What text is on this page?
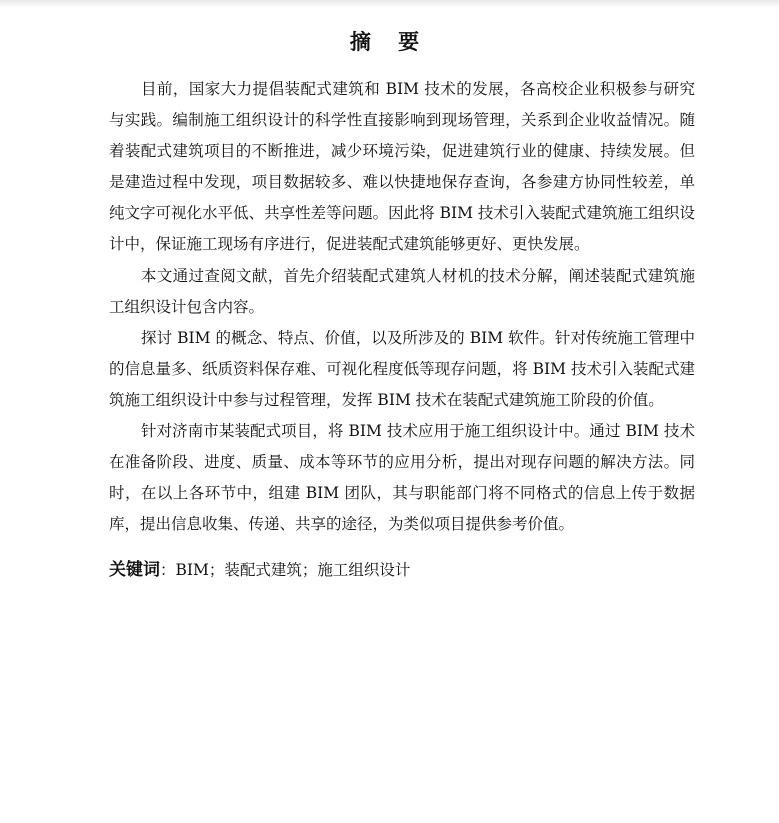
摘 要

目前，国家大力提倡装配式建筑和 BIM 技术的发展，各高校企业积极参与研究与实践。编制施工组织设计的科学性直接影响到现场管理，关系到企业收益情况。随着装配式建筑项目的不断推进，减少环境污染，促进建筑行业的健康、持续发展。但是建造过程中发现，项目数据较多、难以快捷地保存查询，各参建方协同性较差，单纯文字可视化水平低、共享性差等问题。因此将 BIM 技术引入装配式建筑施工组织设计中，保证施工现场有序进行，促进装配式建筑能够更好、更快发展。

本文通过查阅文献，首先介绍装配式建筑人材机的技术分解，阐述装配式建筑施工组织设计包含内容。

探讨 BIM 的概念、特点、价值，以及所涉及的 BIM 软件。针对传统施工管理中的信息量多、纸质资料保存难、可视化程度低等现存问题，将 BIM 技术引入装配式建筑施工组织设计中参与过程管理，发挥 BIM 技术在装配式建筑施工阶段的价值。

针对济南市某装配式项目，将 BIM 技术应用于施工组织设计中。通过 BIM 技术在准备阶段、进度、质量、成本等环节的应用分析，提出对现存问题的解决方法。同时，在以上各环节中，组建 BIM 团队，其与职能部门将不同格式的信息上传于数据库，提出信息收集、传递、共享的途径，为类似项目提供参考价值。

关键词：BIM；装配式建筑；施工组织设计
